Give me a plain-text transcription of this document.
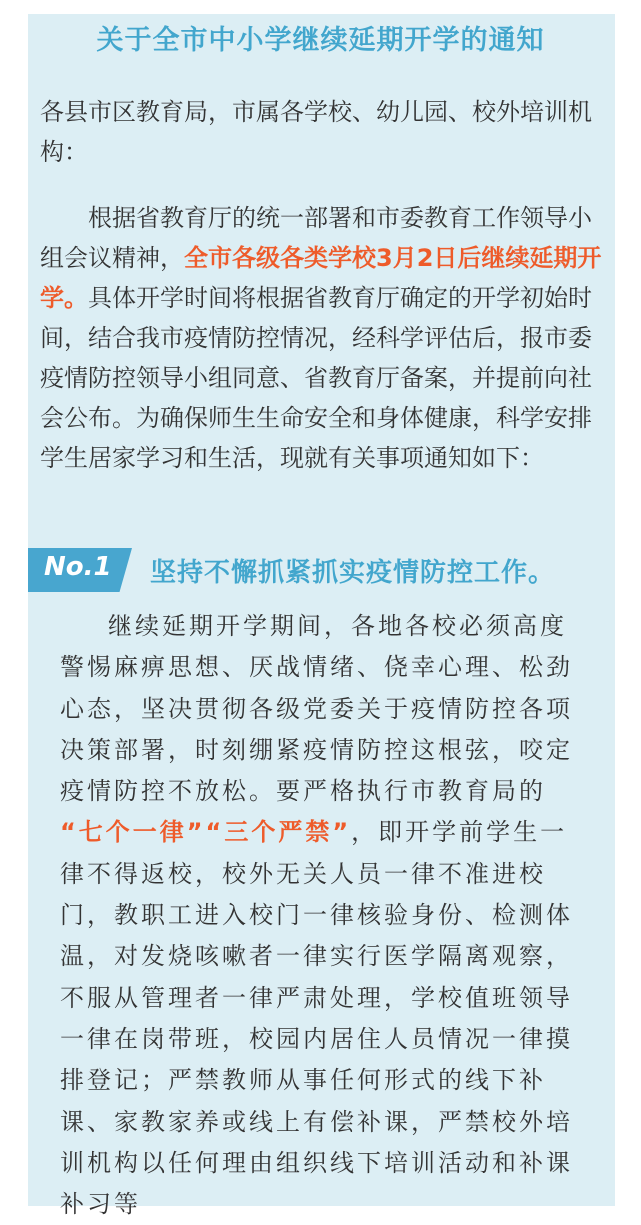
关于全市中小学继续延期开学的通知

各县市区教育局，市属各学校、幼儿园、校外培训机构：

根据省教育厅的统一部署和市委教育工作领导小组会议精神，全市各级各类学校3月2日后继续延期开学。具体开学时间将根据省教育厅确定的开学初始时间，结合我市疫情防控情况，经科学评估后，报市委疫情防控领导小组同意、省教育厅备案，并提前向社会公布。为确保师生生命安全和身体健康，科学安排学生居家学习和生活，现就有关事项通知如下：

No.1 坚持不懈抓紧抓实疫情防控工作。

继续延期开学期间，各地各校必须高度警惕麻痹思想、厌战情绪、侥幸心理、松劲心态，坚决贯彻各级党委关于疫情防控各项决策部署，时刻绷紧疫情防控这根弦，咬定疫情防控不放松。要严格执行市教育局的
“七个一律”“三个严禁”，即开学前学生一律不得返校，校外无关人员一律不准进校门，教职工进入校门一律核验身份、检测体温，对发烧咳嗽者一律实行医学隔离观察，不服从管理者一律严肃处理，学校值班领导一律在岗带班，校园内居住人员情况一律摸排登记；严禁教师从事任何形式的线下补课、家教家养或线上有偿补课，严禁校外培训机构以任何理由组织线下培训活动和补课补习等
